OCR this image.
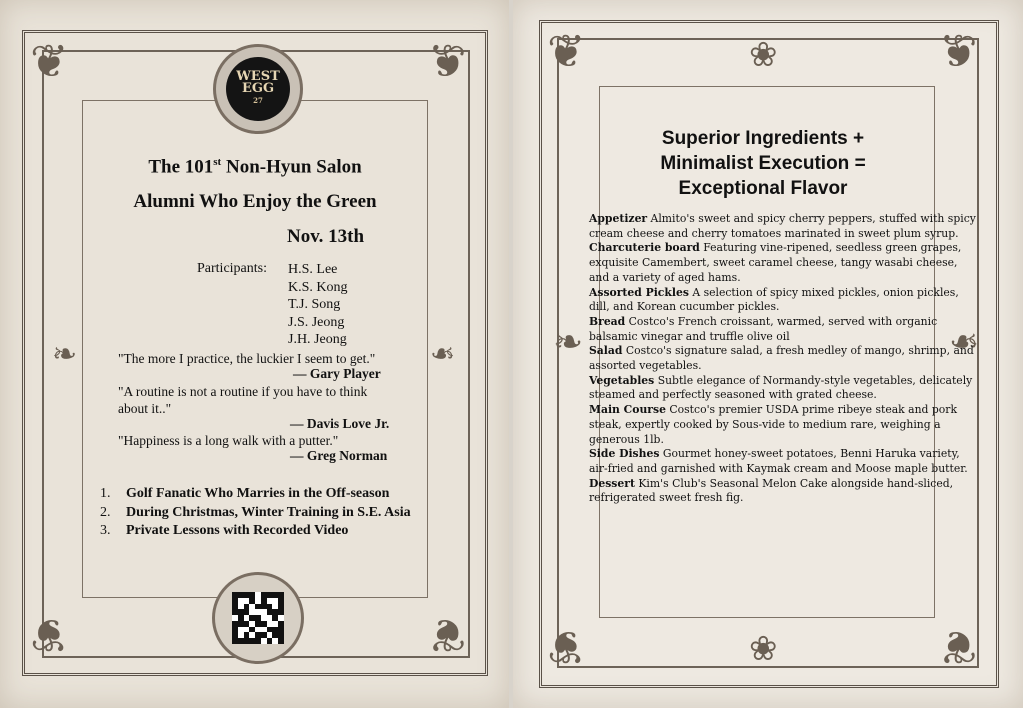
❦	❦
❦	❦
❧	❧
WEST
EGG
27
The 101st Non-Hyun Salon
Alumni Who Enjoy the Green
Nov. 13th
Participants: H.S. Lee
K.S. Kong
T.J. Song
J.S. Jeong
J.H. Jeong
"The more I practice, the luckier I seem to get."
— Gary Player
"A routine is not a routine if you have to think
about it.."
— Davis Love Jr.
"Happiness is a long walk with a putter."
— Greg Norman
1.	Golf Fanatic Who Marries in the Off-season
2.	During Christmas, Winter Training in S.E. Asia
3.	Private Lessons with Recorded Video
❦	❦
❦	❦
❧	❧
❀
❀
Superior Ingredients +
Minimalist Execution =
Exceptional Flavor

Appetizer Almito's sweet and spicy cherry peppers, stuffed with spicy cream cheese and cherry tomatoes marinated in sweet plum syrup.

Charcuterie board Featuring vine-ripened, seedless green grapes, exquisite Camembert, sweet caramel cheese, tangy wasabi cheese, and a variety of aged hams.

Assorted Pickles A selection of spicy mixed pickles, onion pickles, dill, and Korean cucumber pickles.

Bread Costco's French croissant, warmed, served with organic balsamic vinegar and truffle olive oil

Salad Costco's signature salad, a fresh medley of mango, shrimp, and assorted vegetables.

Vegetables Subtle elegance of Normandy-style vegetables, delicately steamed and perfectly seasoned with grated cheese.

Main Course Costco's premier USDA prime ribeye steak and pork steak, expertly cooked by Sous-vide to medium rare, weighing a generous 1lb.

Side Dishes Gourmet honey-sweet potatoes, Benni Haruka variety, air-fried and garnished with Kaymak cream and Moose maple butter.

Dessert Kim's Club's Seasonal Melon Cake alongside hand-sliced, refrigerated sweet fresh fig.
